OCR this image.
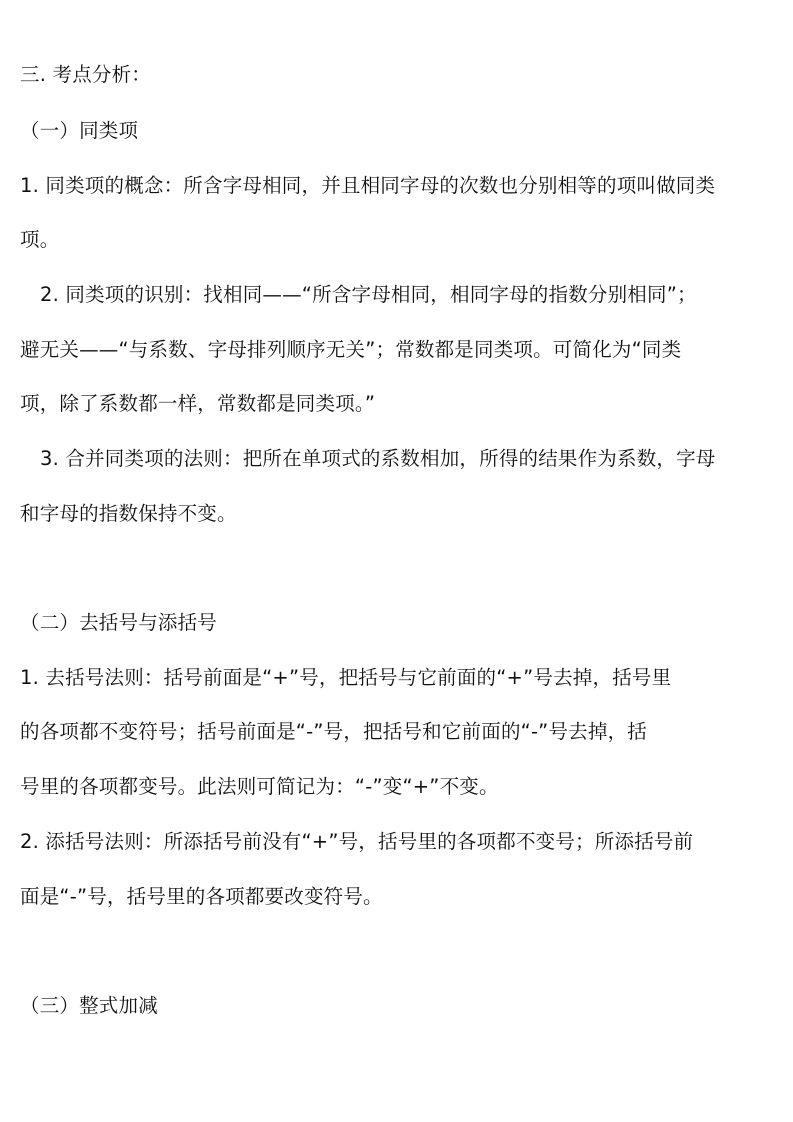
三. 考点分析：
（一）同类项
1. 同类项的概念：所含字母相同，并且相同字母的次数也分别相等的项叫做同类
项。
2. 同类项的识别：找相同——“所含字母相同，相同字母的指数分别相同”；
避无关——“与系数、字母排列顺序无关”；常数都是同类项。可简化为“同类
项，除了系数都一样，常数都是同类项。”
3. 合并同类项的法则：把所在单项式的系数相加，所得的结果作为系数，字母
和字母的指数保持不变。
（二）去括号与添括号
1. 去括号法则：括号前面是“+”号，把括号与它前面的“+”号去掉，括号里
的各项都不变符号；括号前面是“-”号，把括号和它前面的“-”号去掉，括
号里的各项都变号。此法则可简记为：“-”变“+”不变。
2. 添括号法则：所添括号前没有“+”号，括号里的各项都不变号；所添括号前
面是“-”号，括号里的各项都要改变符号。
（三）整式加减
